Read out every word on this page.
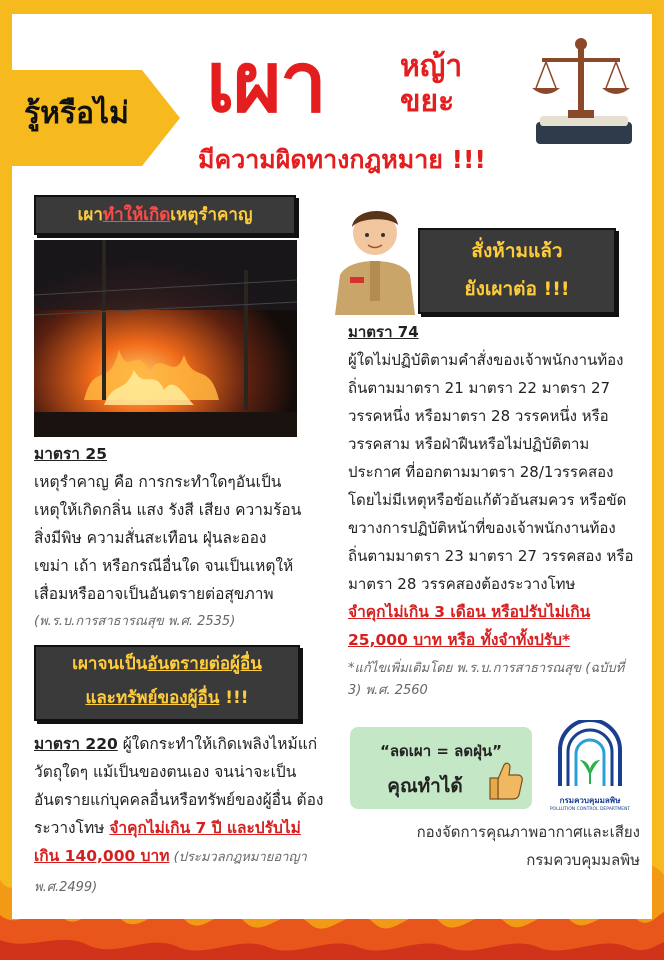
รู้หรือไม่ เผา หญ้า
ขยะ
มีความผิดทางกฎหมาย !!!
เผาทำให้เกิดเหตุรำคาญ
มาตรา 25
เหตุรำคาญ คือ การกระทำใดๆอันเป็นเหตุให้เกิดกลิ่น แสง รังสี เสียง ความร้อน สิ่งมีพิษ ความสั่นสะเทือน ฝุ่นละออง เขม่า เถ้า หรือกรณีอื่นใด จนเป็นเหตุให้เสื่อมหรืออาจเป็นอันตรายต่อสุขภาพ
(พ.ร.บ.การสาธารณสุข พ.ศ. 2535)
เผาจนเป็นอันตรายต่อผู้อื่น
และทรัพย์ของผู้อื่น !!!
มาตรา 220 ผู้ใดกระทำให้เกิดเพลิงไหม้แก่วัตถุใดๆ แม้เป็นของตนเอง จนน่าจะเป็นอันตรายแก่บุคคลอื่นหรือทรัพย์ของผู้อื่น ต้องระวางโทษ จำคุกไม่เกิน 7 ปี และปรับไม่เกิน 140,000 บาท (ประมวลกฎหมายอาญา พ.ศ.2499)
สั่งห้ามแล้ว
ยังเผาต่อ !!!
มาตรา 74
ผู้ใดไม่ปฏิบัติตามคำสั่งของเจ้าพนักงานท้องถิ่นตามมาตรา 21 มาตรา 22 มาตรา 27 วรรคหนึ่ง หรือมาตรา 28 วรรคหนึ่ง หรือวรรคสาม หรือฝ่าฝืนหรือไม่ปฏิบัติตามประกาศ ที่ออกตามมาตรา 28/1วรรคสอง โดยไม่มีเหตุหรือข้อแก้ตัวอันสมควร หรือขัดขวางการปฏิบัติหน้าที่ของเจ้าพนักงานท้องถิ่นตามมาตรา 23 มาตรา 27 วรรคสอง หรือมาตรา 28 วรรคสองต้องระวางโทษ
จำคุกไม่เกิน 3 เดือน หรือปรับไม่เกิน 25,000 บาท หรือ ทั้งจำทั้งปรับ*
*แก้ไขเพิ่มเติมโดย พ.ร.บ.การสาธารณสุข (ฉบับที่ 3) พ.ศ. 2560
“ลดเผา = ลดฝุ่น”
คุณทำได้
กรมควบคุมมลพิษ
POLLUTION CONTROL DEPARTMENT
กองจัดการคุณภาพอากาศและเสียง
กรมควบคุมมลพิษ
